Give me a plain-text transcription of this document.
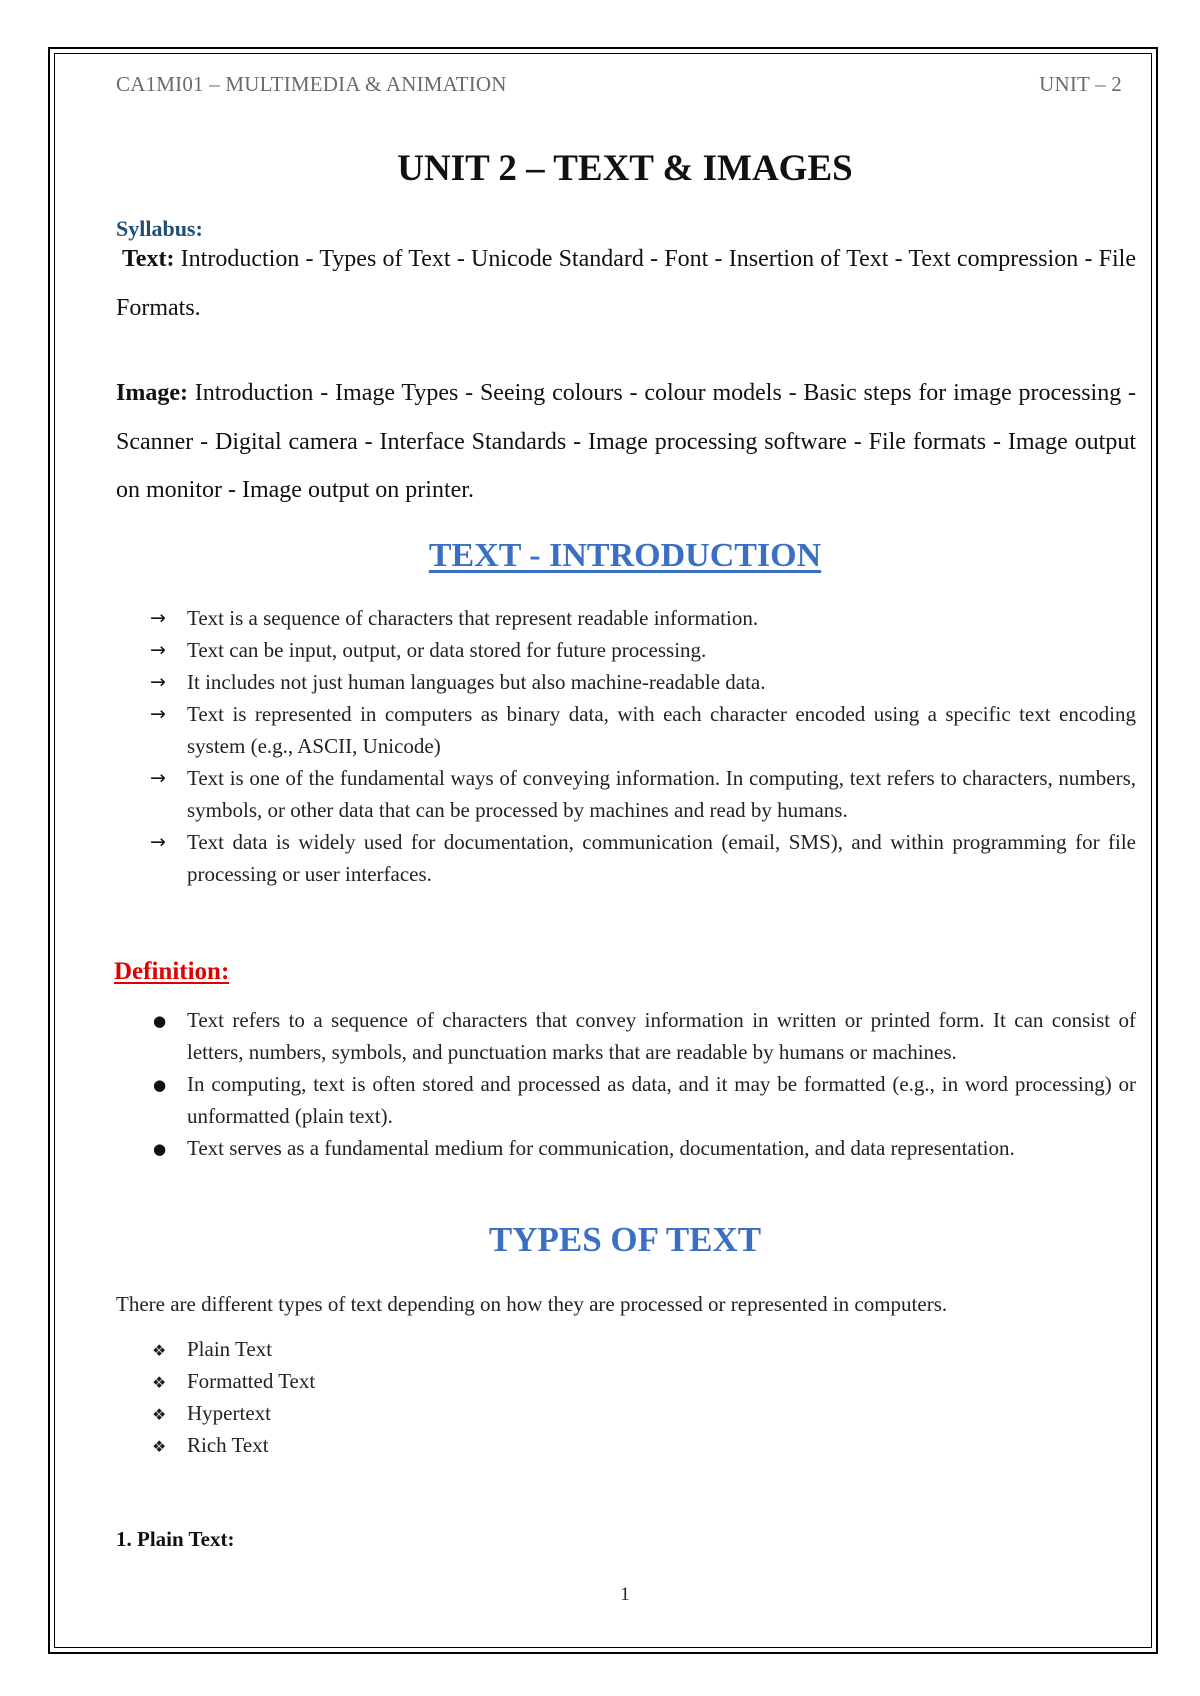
CA1MI01 – MULTIMEDIA & ANIMATION	UNIT – 2
UNIT 2 – TEXT & IMAGES
Syllabus:
Text: Introduction - Types of Text - Unicode Standard - Font - Insertion of Text - Text compression - File Formats.
Image: Introduction - Image Types - Seeing colours - colour models - Basic steps for image processing - Scanner - Digital camera - Interface Standards - Image processing software - File formats - Image output on monitor - Image output on printer.
TEXT - INTRODUCTION
→ Text is a sequence of characters that represent readable information.
→ Text can be input, output, or data stored for future processing.
→ It includes not just human languages but also machine-readable data.
→ Text is represented in computers as binary data, with each character encoded using a specific text encoding system (e.g., ASCII, Unicode)
→ Text is one of the fundamental ways of conveying information. In computing, text refers to characters, numbers, symbols, or other data that can be processed by machines and read by humans.
→ Text data is widely used for documentation, communication (email, SMS), and within programming for file processing or user interfaces.
Definition:
● Text refers to a sequence of characters that convey information in written or printed form. It can consist of letters, numbers, symbols, and punctuation marks that are readable by humans or machines.
● In computing, text is often stored and processed as data, and it may be formatted (e.g., in word processing) or unformatted (plain text).
● Text serves as a fundamental medium for communication, documentation, and data representation.
TYPES OF TEXT
There are different types of text depending on how they are processed or represented in computers.
❖ Plain Text
❖ Formatted Text
❖ Hypertext
❖ Rich Text
1. Plain Text:
1
